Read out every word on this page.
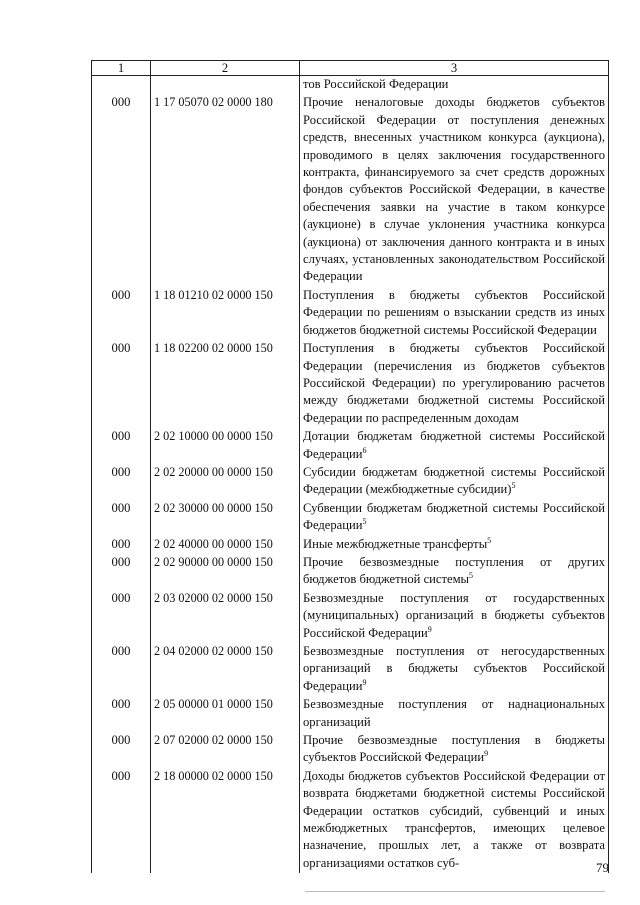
1	2	3
		тов Российской Федерации
000	1 17 05070 02 0000 180	Прочие неналоговые доходы бюджетов субъектов Российской Федерации от поступления денежных средств, внесенных участником конкурса (аукциона), проводимого в целях заключения государственного контракта, финансируемого за счет средств дорожных фондов субъектов Российской Федерации, в качестве обеспечения заявки на участие в таком конкурсе (аукционе) в случае уклонения участника конкурса (аукциона) от заключения данного контракта и в иных случаях, установленных законодательством Российской Федерации
000	1 18 01210 02 0000 150	Поступления в бюджеты субъектов Российской Федерации по решениям о взыскании средств из иных бюджетов бюджетной системы Российской Федерации
000	1 18 02200 02 0000 150	Поступления в бюджеты субъектов Российской Федерации (перечисления из бюджетов субъектов Российской Федерации) по урегулированию расчетов между бюджетами бюджетной системы Российской Федерации по распределенным доходам
000	2 02 10000 00 0000 150	Дотации бюджетам бюджетной системы Российской Федерации$^6$
000	2 02 20000 00 0000 150	Субсидии бюджетам бюджетной системы Российской Федерации (межбюджетные субсидии)$^5$
000	2 02 30000 00 0000 150	Субвенции бюджетам бюджетной системы Российской Федерации$^5$
000	2 02 40000 00 0000 150	Иные межбюджетные трансферты$^5$
000	2 02 90000 00 0000 150	Прочие безвозмездные поступления от других бюджетов бюджетной системы$^5$
000	2 03 02000 02 0000 150	Безвозмездные поступления от государственных (муниципальных) организаций в бюджеты субъектов Российской Федерации$^9$
000	2 04 02000 02 0000 150	Безвозмездные поступления от негосударственных организаций в бюджеты субъектов Российской Федерации$^9$
000	2 05 00000 01 0000 150	Безвозмездные поступления от наднациональных организаций
000	2 07 02000 02 0000 150	Прочие безвозмездные поступления в бюджеты субъектов Российской Федерации$^9$
000	2 18 00000 02 0000 150	Доходы бюджетов субъектов Российской Федерации от возврата бюджетами бюджетной системы Российской Федерации остатков субсидий, субвенций и иных межбюджетных трансфертов, имеющих целевое назначение, прошлых лет, а также от возврата организациями остатков суб-	79
